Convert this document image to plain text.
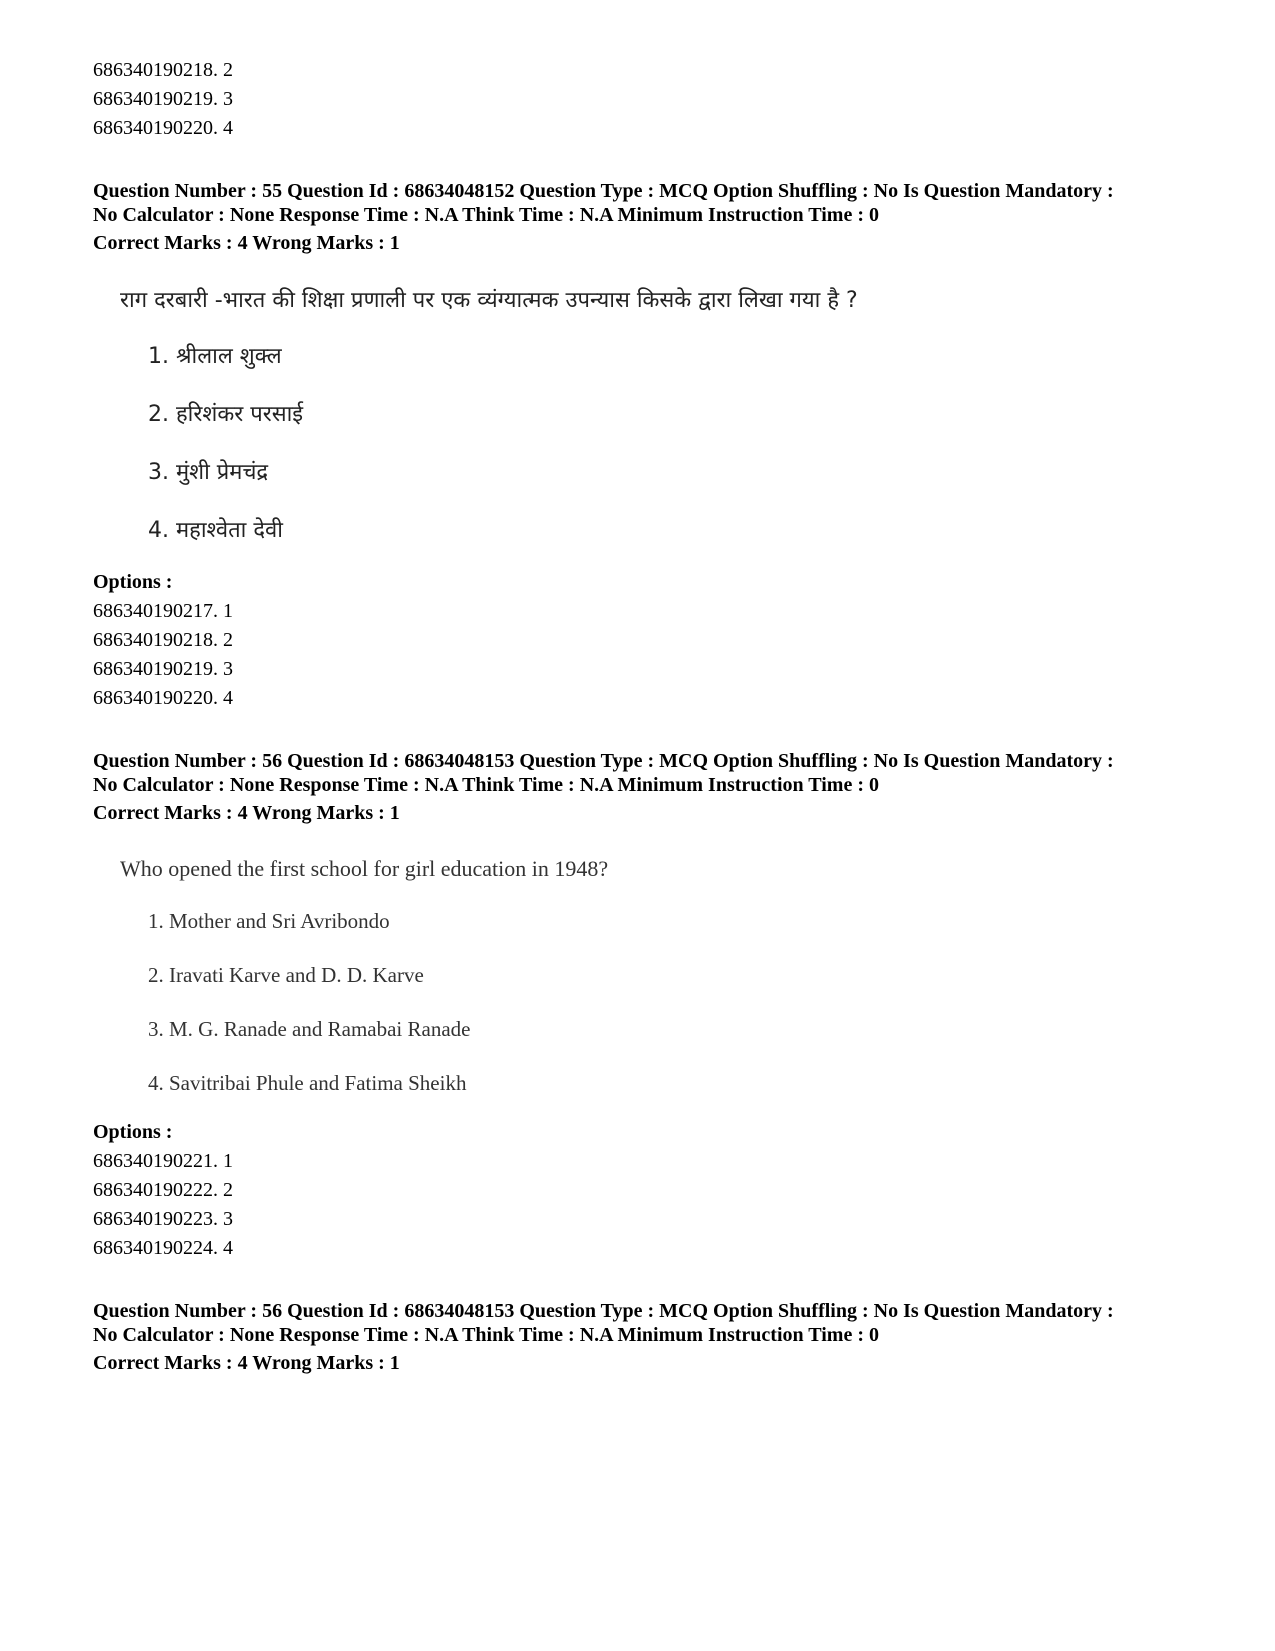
686340190218. 2
686340190219. 3
686340190220. 4
Question Number : 55 Question Id : 68634048152 Question Type : MCQ Option Shuffling : No Is Question Mandatory :
No Calculator : None Response Time : N.A Think Time : N.A Minimum Instruction Time : 0
Correct Marks : 4 Wrong Marks : 1
राग दरबारी -भारत की शिक्षा प्रणाली पर एक व्यंग्यात्मक उपन्यास किसके द्वारा लिखा गया है ?
1. श्रीलाल शुक्ल
2. हरिशंकर परसाई
3. मुंशी प्रेमचंद्र
4. महाश्वेता देवी
Options :
686340190217. 1
686340190218. 2
686340190219. 3
686340190220. 4
Question Number : 56 Question Id : 68634048153 Question Type : MCQ Option Shuffling : No Is Question Mandatory :
No Calculator : None Response Time : N.A Think Time : N.A Minimum Instruction Time : 0
Correct Marks : 4 Wrong Marks : 1
Who opened the first school for girl education in 1948?
1. Mother and Sri Avribondo
2. Iravati Karve and D. D. Karve
3. M. G. Ranade and Ramabai Ranade
4. Savitribai Phule and Fatima Sheikh
Options :
686340190221. 1
686340190222. 2
686340190223. 3
686340190224. 4
Question Number : 56 Question Id : 68634048153 Question Type : MCQ Option Shuffling : No Is Question Mandatory :
No Calculator : None Response Time : N.A Think Time : N.A Minimum Instruction Time : 0
Correct Marks : 4 Wrong Marks : 1
